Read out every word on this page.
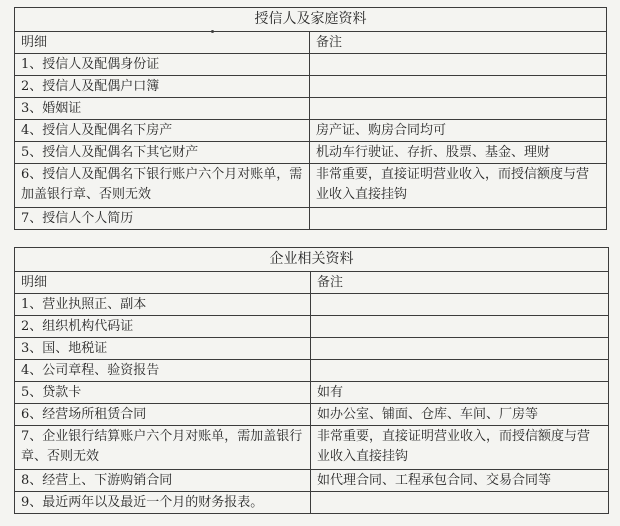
授信人及家庭资料	
明细	备注
1、授信人及配偶身份证	
2、授信人及配偶户口簿	
3、婚姻证	
4、授信人及配偶名下房产	房产证、购房合同均可
5、授信人及配偶名下其它财产	机动车行驶证、存折、股票、基金、理财
6、授信人及配偶名下银行账户六个月对账单，需加盖银行章、否则无效	非常重要，直接证明营业收入，而授信额度与营业收入直接挂钩
7、授信人个人简历	
企业相关资料	
明细	备注
1、营业执照正、副本	
2、组织机构代码证	
3、国、地税证	
4、公司章程、验资报告	
5、贷款卡	如有
6、经营场所租赁合同	如办公室、铺面、仓库、车间、厂房等
7、企业银行结算账户六个月对账单，需加盖银行章、否则无效	非常重要，直接证明营业收入，而授信额度与营业收入直接挂钩
8、经营上、下游购销合同	如代理合同、工程承包合同、交易合同等
9、最近两年以及最近一个月的财务报表。	
